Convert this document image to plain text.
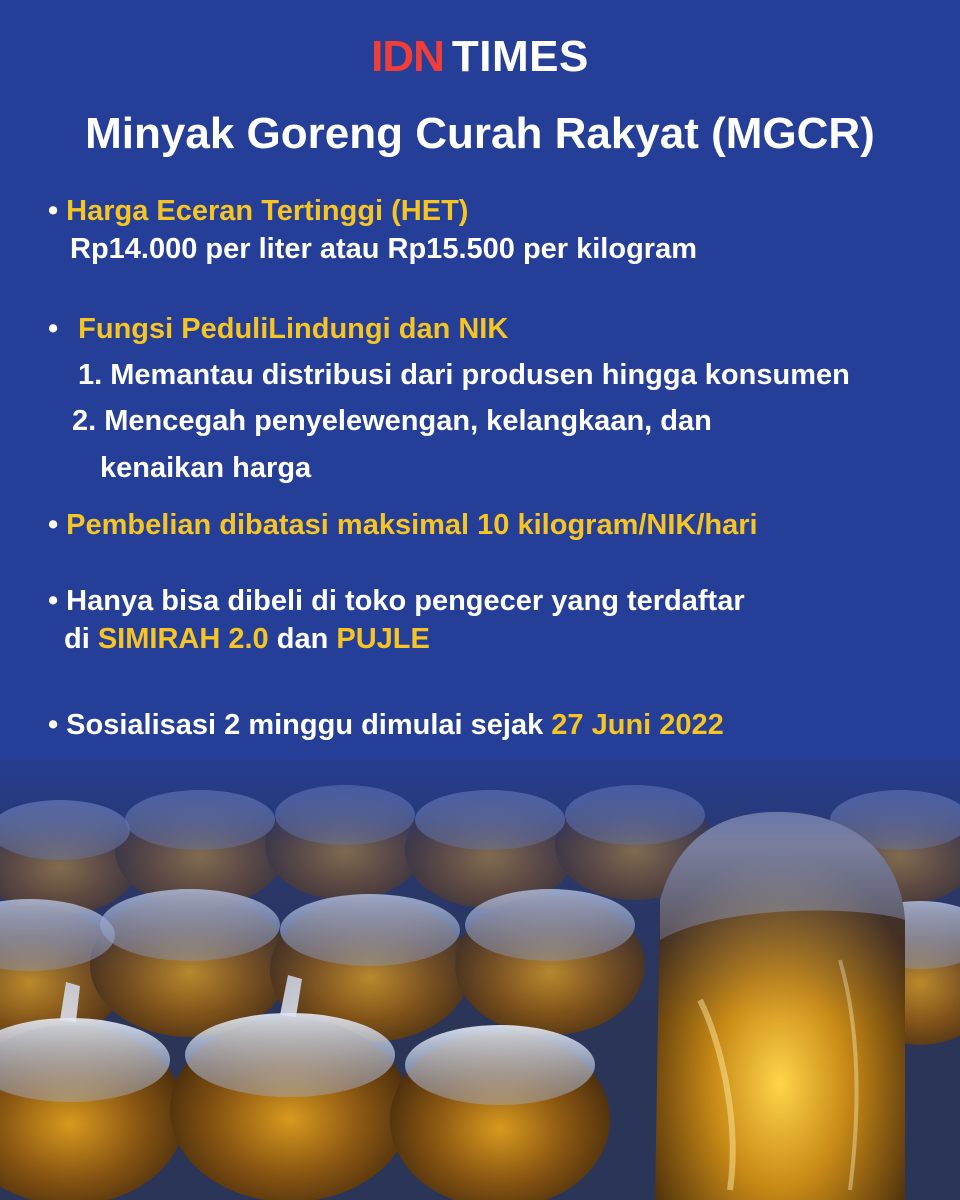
IDN TIMES
Minyak Goreng Curah Rakyat (MGCR)
• Harga Eceran Tertinggi (HET)
Rp14.000 per liter atau Rp15.500 per kilogram
• Fungsi PeduliLindungi dan NIK
1. Memantau distribusi dari produsen hingga konsumen
2. Mencegah penyelewengan, kelangkaan, dan
kenaikan harga
• Pembelian dibatasi maksimal 10 kilogram/NIK/hari
• Hanya bisa dibeli di toko pengecer yang terdaftar
di SIMIRAH 2.0 dan PUJLE
• Sosialisasi 2 minggu dimulai sejak 27 Juni 2022
